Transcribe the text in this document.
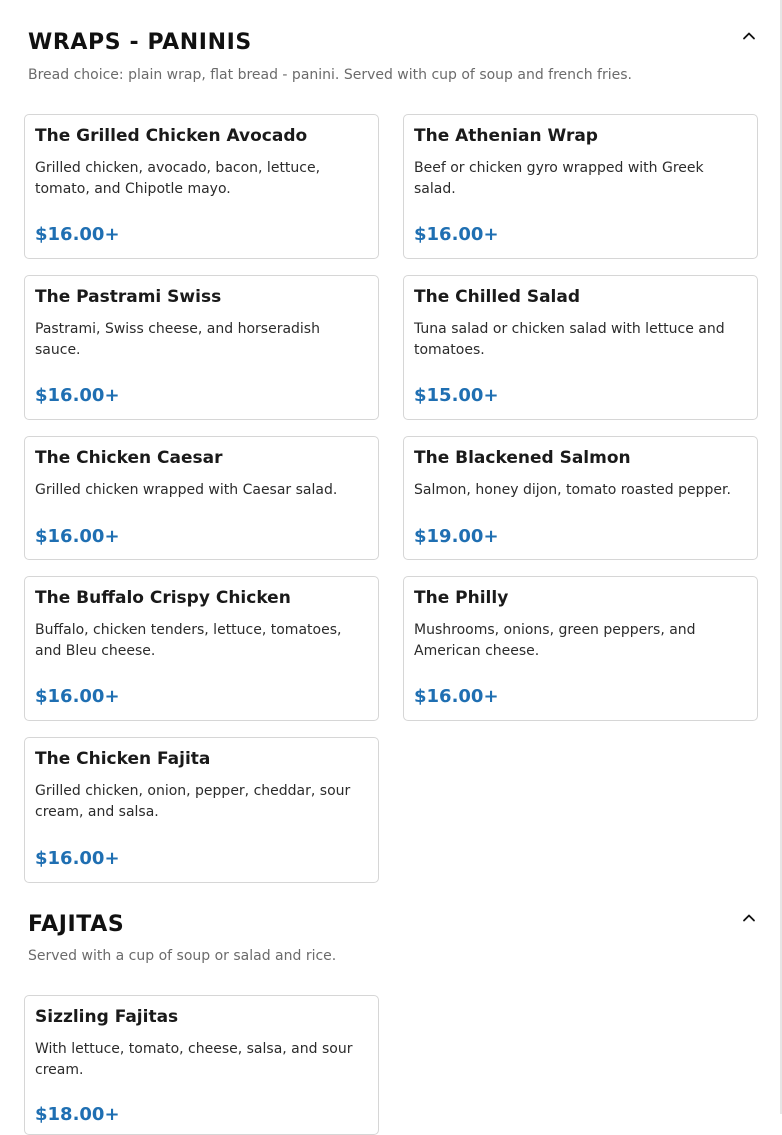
WRAPS - PANINIS
Bread choice: plain wrap, flat bread - panini. Served with cup of soup and french fries.
The Grilled Chicken Avocado
Grilled chicken, avocado, bacon, lettuce, tomato, and Chipotle mayo.
$16.00+
The Athenian Wrap
Beef or chicken gyro wrapped with Greek salad.
$16.00+
The Pastrami Swiss
Pastrami, Swiss cheese, and horseradish sauce.
$16.00+
The Chilled Salad
Tuna salad or chicken salad with lettuce and tomatoes.
$15.00+
The Chicken Caesar
Grilled chicken wrapped with Caesar salad.
$16.00+
The Blackened Salmon
Salmon, honey dijon, tomato roasted pepper.
$19.00+
The Buffalo Crispy Chicken
Buffalo, chicken tenders, lettuce, tomatoes, and Bleu cheese.
$16.00+
The Philly
Mushrooms, onions, green peppers, and American cheese.
$16.00+
The Chicken Fajita
Grilled chicken, onion, pepper, cheddar, sour cream, and salsa.
$16.00+
FAJITAS
Served with a cup of soup or salad and rice.
Sizzling Fajitas
With lettuce, tomato, cheese, salsa, and sour cream.
$18.00+
